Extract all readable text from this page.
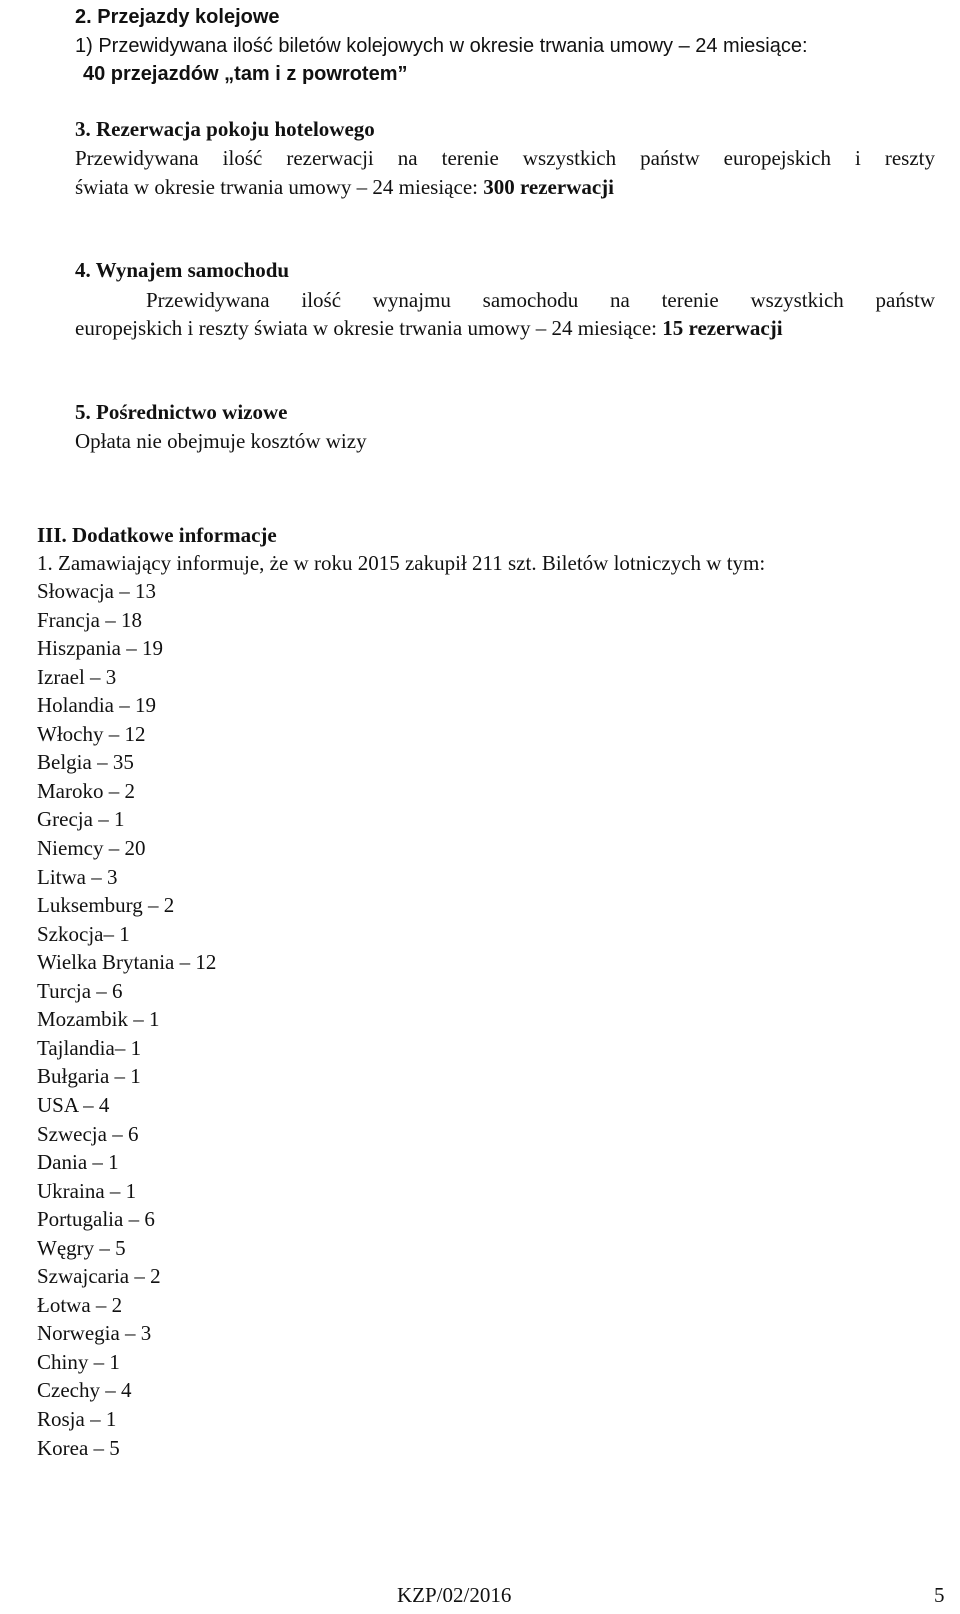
2. Przejazdy kolejowe
1) Przewidywana ilość biletów kolejowych w okresie trwania umowy – 24 miesiące:
40 przejazdów „tam i z powrotem”
3. Rezerwacja pokoju hotelowego
Przewidywana ilość rezerwacji na terenie wszystkich państw europejskich i reszty
świata w okresie trwania umowy – 24 miesiące: 300 rezerwacji
4. Wynajem samochodu
Przewidywana ilość wynajmu samochodu na terenie wszystkich państw
europejskich i reszty świata w okresie trwania umowy – 24 miesiące: 15 rezerwacji
5. Pośrednictwo wizowe
Opłata nie obejmuje kosztów wizy
III. Dodatkowe informacje
1. Zamawiający informuje, że w roku 2015 zakupił 211 szt. Biletów lotniczych w tym:
Słowacja – 13
Francja – 18
Hiszpania – 19
Izrael – 3
Holandia – 19
Włochy – 12
Belgia – 35
Maroko – 2
Grecja – 1
Niemcy – 20
Litwa – 3
Luksemburg – 2
Szkocja– 1
Wielka Brytania – 12
Turcja – 6
Mozambik – 1
Tajlandia– 1
Bułgaria – 1
USA – 4
Szwecja – 6
Dania – 1
Ukraina – 1
Portugalia – 6
Węgry – 5
Szwajcaria – 2
Łotwa – 2
Norwegia – 3
Chiny – 1
Czechy – 4
Rosja – 1
Korea – 5
KZP/02/2016	5
